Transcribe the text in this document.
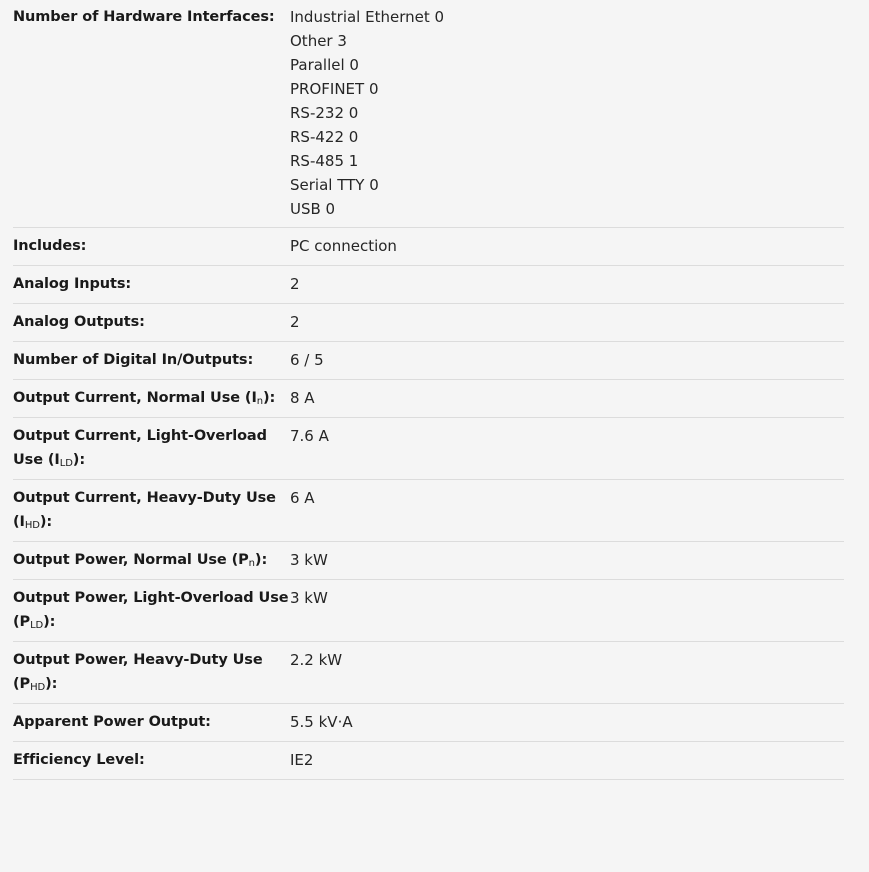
Number of Hardware Interfaces:	Industrial Ethernet 0
Other 3
Parallel 0
PROFINET 0
RS-232 0
RS-422 0
RS-485 1
Serial TTY 0
USB 0
Includes:	PC connection
Analog Inputs:	2
Analog Outputs:	2
Number of Digital In/Outputs:	6 / 5
Output Current, Normal Use $(I_n)$: 8 A
Output Current, Light-Overload Use $(I_{LD})$:
7.6 A
Output Current, Heavy-Duty Use $(I_{HD})$:
6 A
Output Power, Normal Use $(P_n)$:	3 kW
Output Power, Light-Overload Use $(P_{LD})$:
3 kW
Output Power, Heavy-Duty Use $(P_{HD})$:
2.2 kW
Apparent Power Output:	5.5 kV·A
Efficiency Level:	IE2
